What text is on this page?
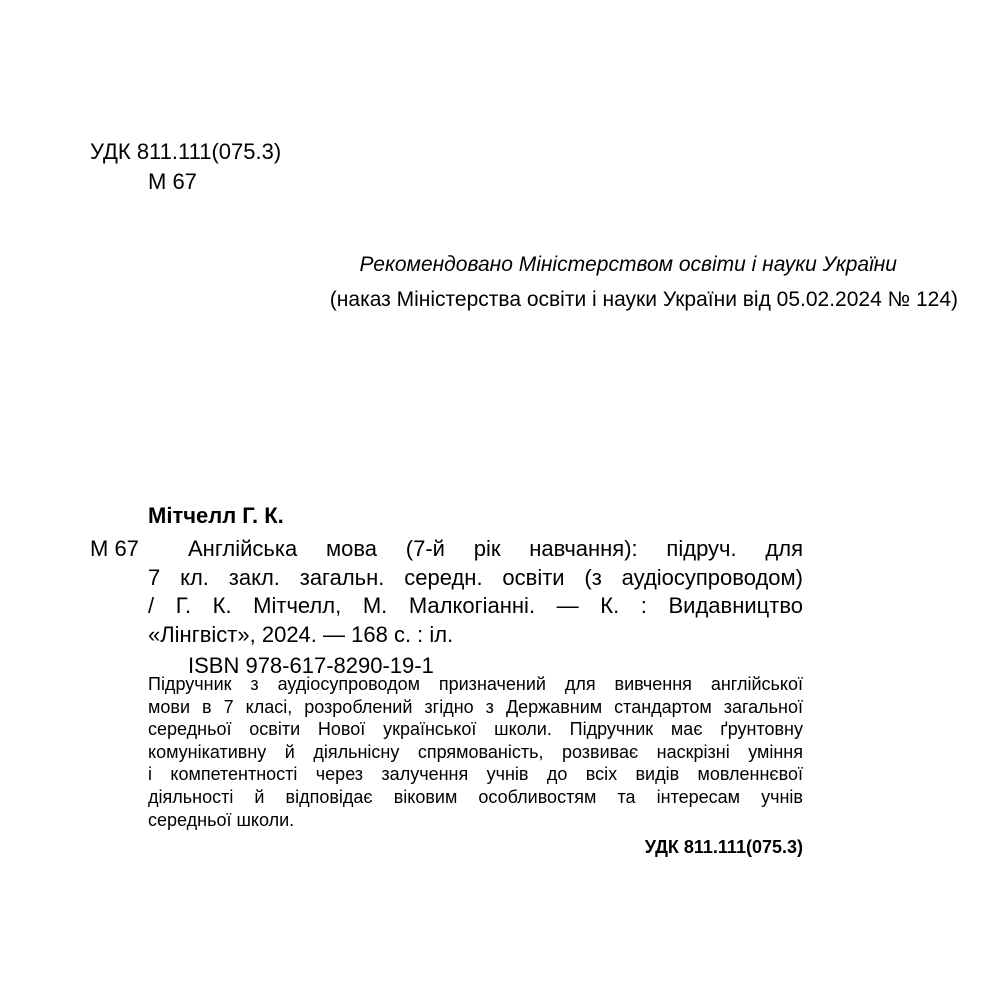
УДК 811.111(075.3)
М 67
Рекомендовано Міністерством освіти і науки України
(наказ Міністерства освіти і науки України від 05.02.2024 № 124)
Мітчелл Г. К.
М 67	Англійська мова (7-й рік навчання): підруч. для
7 кл. закл. загальн. середн. освіти (з аудіосупроводом)
/ Г. К. Мітчелл, М. Малкогіанні. — К. : Видавництво
«Лінгвіст», 2024. — 168 с. : іл.
ISBN 978-617-8290-19-1
Підручник з аудіосупроводом призначений для вивчення англійської
мови в 7 класі, розроблений згідно з Державним стандартом загальної
середньої освіти Нової української школи. Підручник має ґрунтовну
комунікативну й діяльнісну спрямованість, розвиває наскрізні уміння
і компетентності через залучення учнів до всіх видів мовленнєвої
діяльності й відповідає віковим особливостям та інтересам учнів
середньої школи.
УДК 811.111(075.3)
